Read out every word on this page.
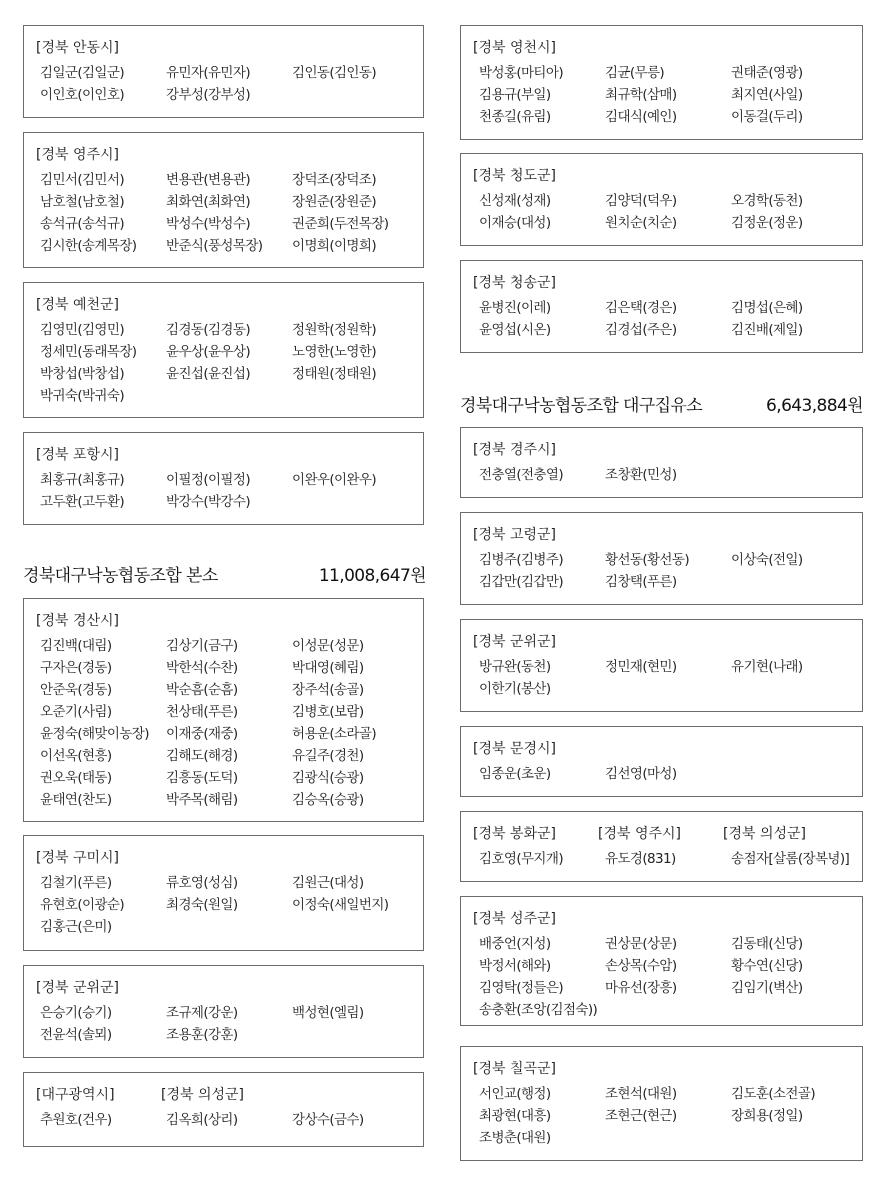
[경북 안동시]
김일군(김일군)	유민자(유민자)	김인동(김인동)
이인호(이인호)	강부성(강부성)
[경북 영주시]
김민서(김민서)	변용관(변용관)	장덕조(장덕조)
남호철(남호철)	최화연(최화연)	장원준(장원준)
송석규(송석규)	박성수(박성수)	권준희(두전목장)
김시한(송계목장)	반준식(풍성목장)	이명희(이명희)
[경북 예천군]
김영민(김영민)	김경동(김경동)	정원학(정원학)
정세민(동래목장)	윤우상(윤우상)	노영한(노영한)
박창섭(박창섭)	윤진섭(윤진섭)	정태원(정태원)
박귀숙(박귀숙)
[경북 포항시]
최홍규(최홍규)	이필정(이필정)	이완우(이완우)
고두환(고두환)	박강수(박강수)
경북대구낙농협동조합 본소	11,008,647원
[경북 경산시]
김진백(대림)	김상기(금구)	이성문(성문)
구자은(경동)	박한석(수찬)	박대영(혜림)
안준욱(경동)	박순흠(순흠)	장주석(송골)
오준기(사림)	천상태(푸른)	김병호(보람)
윤정숙(해맞이농장)	이재중(재중)	허용운(소라골)
이선옥(현흥)	김해도(해경)	유길주(경천)
권오욱(태동)	김흥동(도덕)	김광식(승광)
윤태연(찬도)	박주목(해림)	김승옥(승광)
[경북 구미시]
김철기(푸른)	류호영(성심)	김원근(대성)
유현호(이광순)	최경숙(원일)	이정숙(새일번지)
김홍근(은미)
[경북 군위군]
은승기(승기)	조규제(강운)	백성현(엘림)
전윤석(솔뫼)	조용훈(강훈)
[대구광역시]	[경북 의성군]
추원호(건우)	김옥희(상리)	강상수(금수)
[경북 영천시]
박성홍(마티아)	김균(무릉)	권태준(영광)
김용규(부일)	최규학(삼매)	최지연(사일)
천종길(유림)	김대식(예인)	이동걸(두리)
[경북 청도군]
신성재(성재)	김양덕(덕우)	오경학(동천)
이재승(대성)	원치순(치순)	김정운(정운)
[경북 청송군]
윤병진(이레)	김은택(경은)	김명섭(은혜)
윤영섭(시온)	김경섭(주은)	김진배(제일)
경북대구낙농협동조합 대구집유소	6,643,884원
[경북 경주시]
전충열(전충열)	조창환(민성)
[경북 고령군]
김병주(김병주)	황선동(황선동)	이상숙(전일)
김갑만(김갑만)	김창택(푸른)
[경북 군위군]
방규완(동천)	정민재(현민)	유기현(나래)
이한기(봉산)
[경북 문경시]
임종운(초운)	김선영(마성)
[경북 봉화군]	[경북 영주시]	[경북 의성군]
김호영(무지개)	유도경(831)	송점자[살롬(장복녕)]
[경북 성주군]
배중언(지성)	권상문(상문)	김동태(신당)
박정서(해와)	손상목(수암)	황수연(신당)
김영탁(정들은)	마유선(장흥)	김임기(벽산)
송충환(조앙(김점숙))
[경북 칠곡군]
서인교(행정)	조현석(대원)	김도훈(소전골)
최광현(대흥)	조현근(현근)	장희용(정일)
조병춘(대원)
